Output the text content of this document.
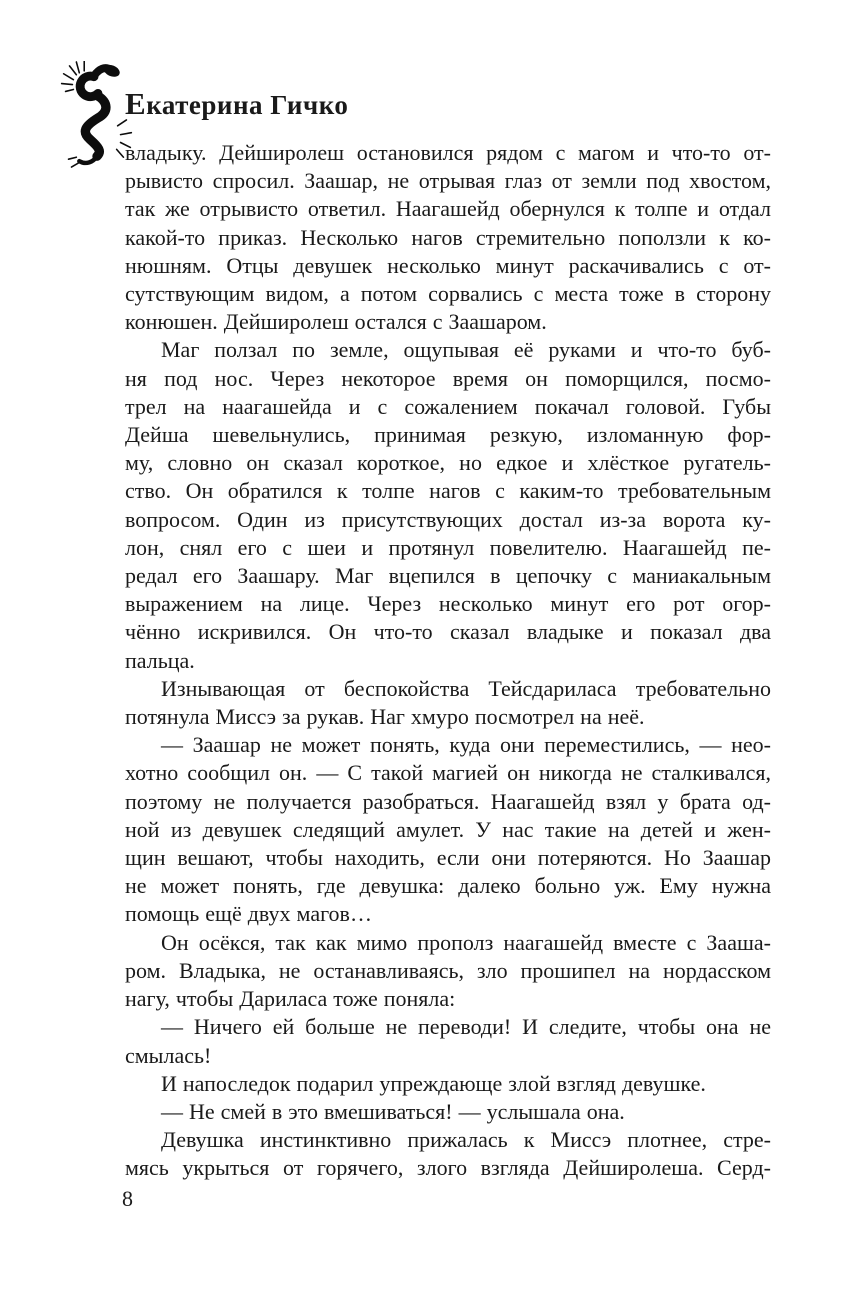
Екатерина Гичко
владыку. Дейширолеш остановился рядом с магом и что-то от-
рывисто спросил. Заашар, не отрывая глаз от земли под хвостом,
так же отрывисто ответил. Наагашейд обернулся к толпе и отдал
какой-то приказ. Несколько нагов стремительно поползли к ко-
нюшням. Отцы девушек несколько минут раскачивались с от-
сутствующим видом, а потом сорвались с места тоже в сторону
конюшен. Дейширолеш остался с Заашаром.
Маг ползал по земле, ощупывая её руками и что-то буб-
ня под нос. Через некоторое время он поморщился, посмо-
трел на наагашейда и с сожалением покачал головой. Губы
Дейша шевельнулись, принимая резкую, изломанную фор-
му, словно он сказал короткое, но едкое и хлёсткое ругатель-
ство. Он обратился к толпе нагов с каким-то требовательным
вопросом. Один из присутствующих достал из-за ворота ку-
лон, снял его с шеи и протянул повелителю. Наагашейд пе-
редал его Заашару. Маг вцепился в цепочку с маниакальным
выражением на лице. Через несколько минут его рот огор-
чённо искривился. Он что-то сказал владыке и показал два
пальца.
Изнывающая от беспокойства Тейсдариласа требовательно
потянула Миссэ за рукав. Наг хмуро посмотрел на неё.
— Заашар не может понять, куда они переместились, — нео-
хотно сообщил он. — С такой магией он никогда не сталкивался,
поэтому не получается разобраться. Наагашейд взял у брата од-
ной из девушек следящий амулет. У нас такие на детей и жен-
щин вешают, чтобы находить, если они потеряются. Но Заашар
не может понять, где девушка: далеко больно уж. Ему нужна
помощь ещё двух магов…
Он осёкся, так как мимо прополз наагашейд вместе с Зааша-
ром. Владыка, не останавливаясь, зло прошипел на нордасском
нагу, чтобы Дариласа тоже поняла:
— Ничего ей больше не переводи! И следите, чтобы она не
смылась!
И напоследок подарил упреждающе злой взгляд девушке.
— Не смей в это вмешиваться! — услышала она.
Девушка инстинктивно прижалась к Миссэ плотнее, стре-
мясь укрыться от горячего, злого взгляда Дейширолеша. Серд-
8
